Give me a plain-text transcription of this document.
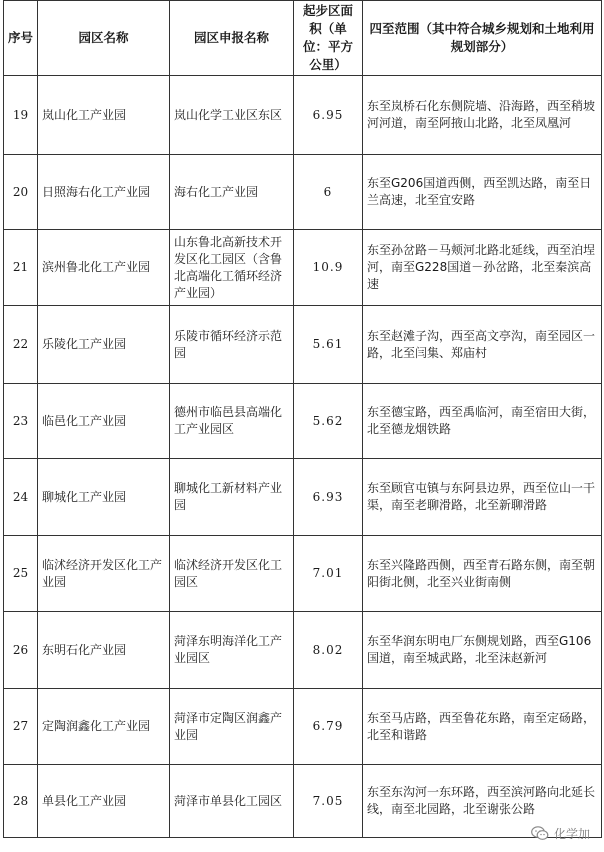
序号	园区名称	园区申报名称	起步区面积（单位：平方公里）	四至范围（其中符合城乡规划和土地利用规划部分）
19	岚山化工产业园	岚山化学工业区东区	6.95	东至岚桥石化东侧院墙、沿海路，西至稍坡河河道，南至阿掖山北路，北至凤凰河
20	日照海右化工产业园	海右化工产业园	6	东至G206国道西侧，西至凯达路，南至日兰高速，北至宜安路
21	滨州鲁北化工产业园	山东鲁北高新技术开发区化工园区（含鲁北高端化工循环经济产业园）	10.9	东至孙岔路－马颊河北路北延线，西至泊埕河，南至G228国道－孙岔路，北至秦滨高速
22	乐陵化工产业园	乐陵市循环经济示范园	5.61	东至赵滩子沟，西至高文亭沟，南至园区一路，北至闫集、郑庙村
23	临邑化工产业园	德州市临邑县高端化工产业园区	5.62	东至德宝路，西至禹临河，南至宿田大街，北至德龙烟铁路
24	聊城化工产业园	聊城化工新材料产业园	6.93	东至顾官屯镇与东阿县边界，西至位山一干渠，南至老聊滑路，北至新聊滑路
25	临沭经济开发区化工产业园	临沭经济开发区化工园区	7.01	东至兴隆路西侧，西至青石路东侧，南至朝阳街北侧，北至兴业街南侧
26	东明石化产业园	菏泽东明海洋化工产业园区	8.02	东至华润东明电厂东侧规划路，西至G106国道，南至城武路，北至沫赵新河
27	定陶润鑫化工产业园	菏泽市定陶区润鑫产业园	6.79	东至马店路，西至鲁花东路，南至定砀路，北至和谐路
28	单县化工产业园	菏泽市单县化工园区	7.05	东至东沟河一东环路，西至滨河路向北延长线，南至北园路，北至谢张公路
化学加
